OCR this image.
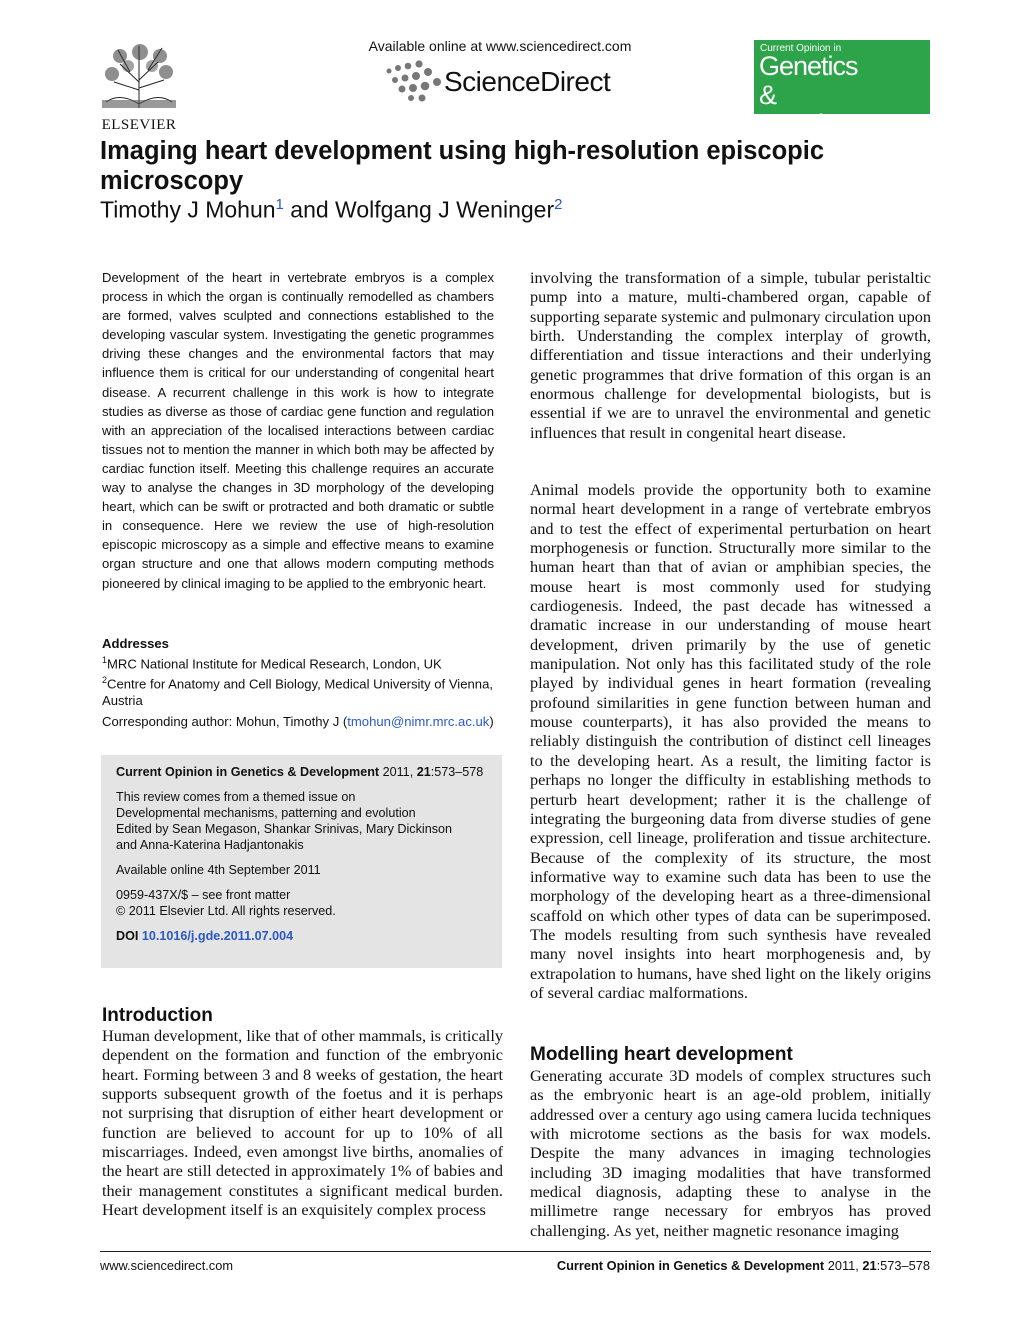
ELSEVIER
Available online at www.sciencedirect.com
ScienceDirect
Current Opinion in
Genetics
& Development
Imaging heart development using high-resolution episcopic microscopy
Timothy J Mohun$^1$ and Wolfgang J Weninger$^2$
Development of the heart in vertebrate embryos is a complex process in which the organ is continually remodelled as chambers are formed, valves sculpted and connections established to the developing vascular system. Investigating the genetic programmes driving these changes and the environmental factors that may influence them is critical for our understanding of congenital heart disease. A recurrent challenge in this work is how to integrate studies as diverse as those of cardiac gene function and regulation with an appreciation of the localised interactions between cardiac tissues not to mention the manner in which both may be affected by cardiac function itself. Meeting this challenge requires an accurate way to analyse the changes in 3D morphology of the developing heart, which can be swift or protracted and both dramatic or subtle in consequence. Here we review the use of high-resolution episcopic microscopy as a simple and effective means to examine organ structure and one that allows modern computing methods pioneered by clinical imaging to be applied to the embryonic heart.
Addresses
$^1$MRC National Institute for Medical Research, London, UK
$^2$Centre for Anatomy and Cell Biology, Medical University of Vienna, Austria
Corresponding author: Mohun, Timothy J (tmohun@nimr.mrc.ac.uk)
Current Opinion in Genetics & Development 2011, 21:573–578
This review comes from a themed issue on
Developmental mechanisms, patterning and evolution
Edited by Sean Megason, Shankar Srinivas, Mary Dickinson
and Anna-Katerina Hadjantonakis
Available online 4th September 2011
0959-437X/$ – see front matter
© 2011 Elsevier Ltd. All rights reserved.
DOI 10.1016/j.gde.2011.07.004
Introduction
Human development, like that of other mammals, is critically dependent on the formation and function of the embryonic heart. Forming between 3 and 8 weeks of gestation, the heart supports subsequent growth of the foetus and it is perhaps not surprising that disruption of either heart development or function are believed to account for up to 10% of all miscarriages. Indeed, even amongst live births, anomalies of the heart are still detected in approximately 1% of babies and their management constitutes a significant medical burden. Heart development itself is an exquisitely complex process
involving the transformation of a simple, tubular peristaltic pump into a mature, multi-chambered organ, capable of supporting separate systemic and pulmonary circulation upon birth. Understanding the complex interplay of growth, differentiation and tissue interactions and their underlying genetic programmes that drive formation of this organ is an enormous challenge for developmental biologists, but is essential if we are to unravel the environmental and genetic influences that result in congenital heart disease.
Animal models provide the opportunity both to examine normal heart development in a range of vertebrate embryos and to test the effect of experimental perturbation on heart morphogenesis or function. Structurally more similar to the human heart than that of avian or amphibian species, the mouse heart is most commonly used for studying cardiogenesis. Indeed, the past decade has witnessed a dramatic increase in our understanding of mouse heart development, driven primarily by the use of genetic manipulation. Not only has this facilitated study of the role played by individual genes in heart formation (revealing profound similarities in gene function between human and mouse counterparts), it has also provided the means to reliably distinguish the contribution of distinct cell lineages to the developing heart. As a result, the limiting factor is perhaps no longer the difficulty in establishing methods to perturb heart development; rather it is the challenge of integrating the burgeoning data from diverse studies of gene expression, cell lineage, proliferation and tissue architecture. Because of the complexity of its structure, the most informative way to examine such data has been to use the morphology of the developing heart as a three-dimensional scaffold on which other types of data can be superimposed. The models resulting from such synthesis have revealed many novel insights into heart morphogenesis and, by extrapolation to humans, have shed light on the likely origins of several cardiac malformations.
Modelling heart development
Generating accurate 3D models of complex structures such as the embryonic heart is an age-old problem, initially addressed over a century ago using camera lucida techniques with microtome sections as the basis for wax models. Despite the many advances in imaging technologies including 3D imaging modalities that have transformed medical diagnosis, adapting these to analyse in the millimetre range necessary for embryos has proved challenging. As yet, neither magnetic resonance imaging
www.sciencedirect.com	Current Opinion in Genetics & Development 2011, 21:573–578
